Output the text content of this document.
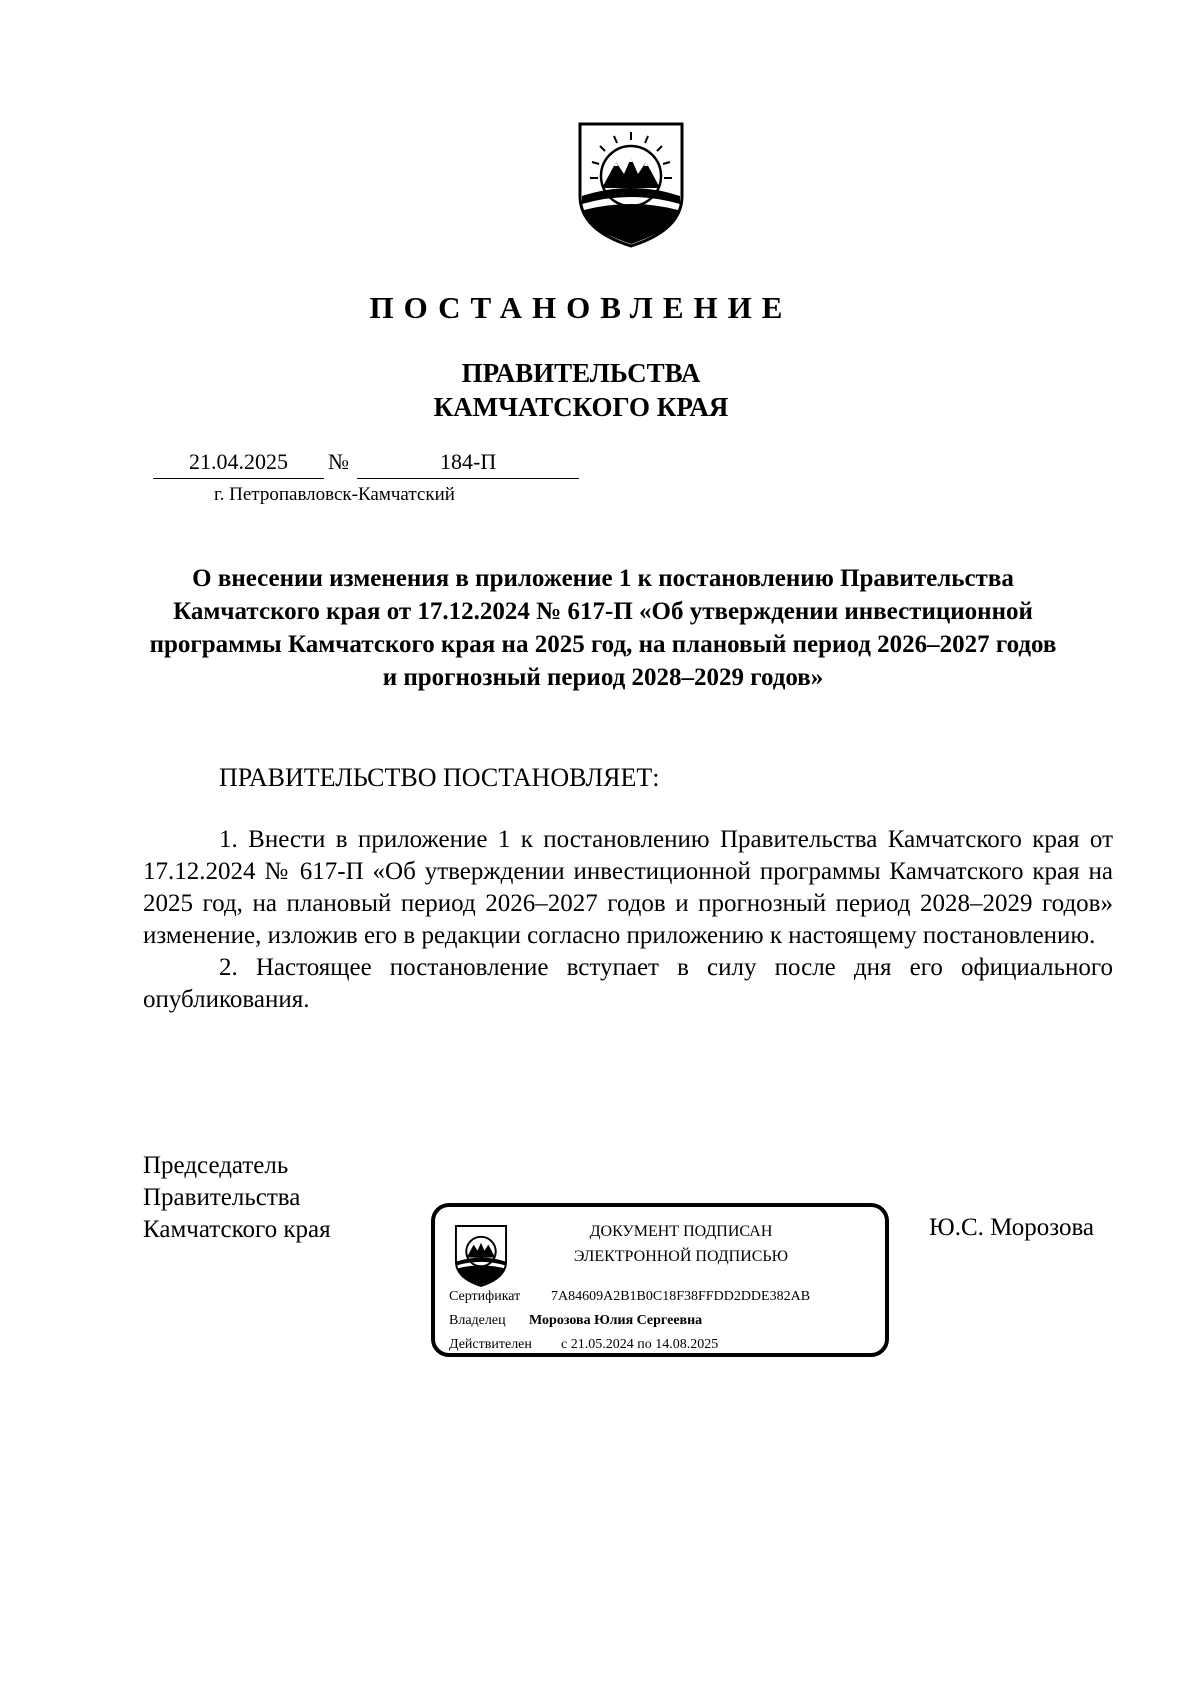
ПОСТАНОВЛЕНИЕ
ПРАВИТЕЛЬСТВА
КАМЧАТСКОГО КРАЯ
21.04.2025 №	184-П
г. Петропавловск-Камчатский
О внесении изменения в приложение 1 к постановлению Правительства Камчатского края от 17.12.2024 № 617-П «Об утверждении инвестиционной программы Камчатского края на 2025 год, на плановый период 2026–2027 годов и прогнозный период 2028–2029 годов»
ПРАВИТЕЛЬСТВО ПОСТАНОВЛЯЕТ:

1. Внести в приложение 1 к постановлению Правительства Камчатского края от 17.12.2024 № 617-П «Об утверждении инвестиционной программы Камчатского края на 2025 год, на плановый период 2026–2027 годов и прогнозный период 2028–2029 годов» изменение, изложив его в редакции согласно приложению к настоящему постановлению.

2. Настоящее постановление вступает в силу после дня его официального опубликования.

Председатель
Правительства
Камчатского края	ДОКУМЕНТ ПОДПИСАН
ЭЛЕКТРОННОЙ ПОДПИСЬЮ
Сертификат 7A84609A2B1B0C18F38FFDD2DDE382AB
Владелец Морозова Юлия Сергеевна
Действителен с 21.05.2024 по 14.08.2025
Ю.С. Морозова
